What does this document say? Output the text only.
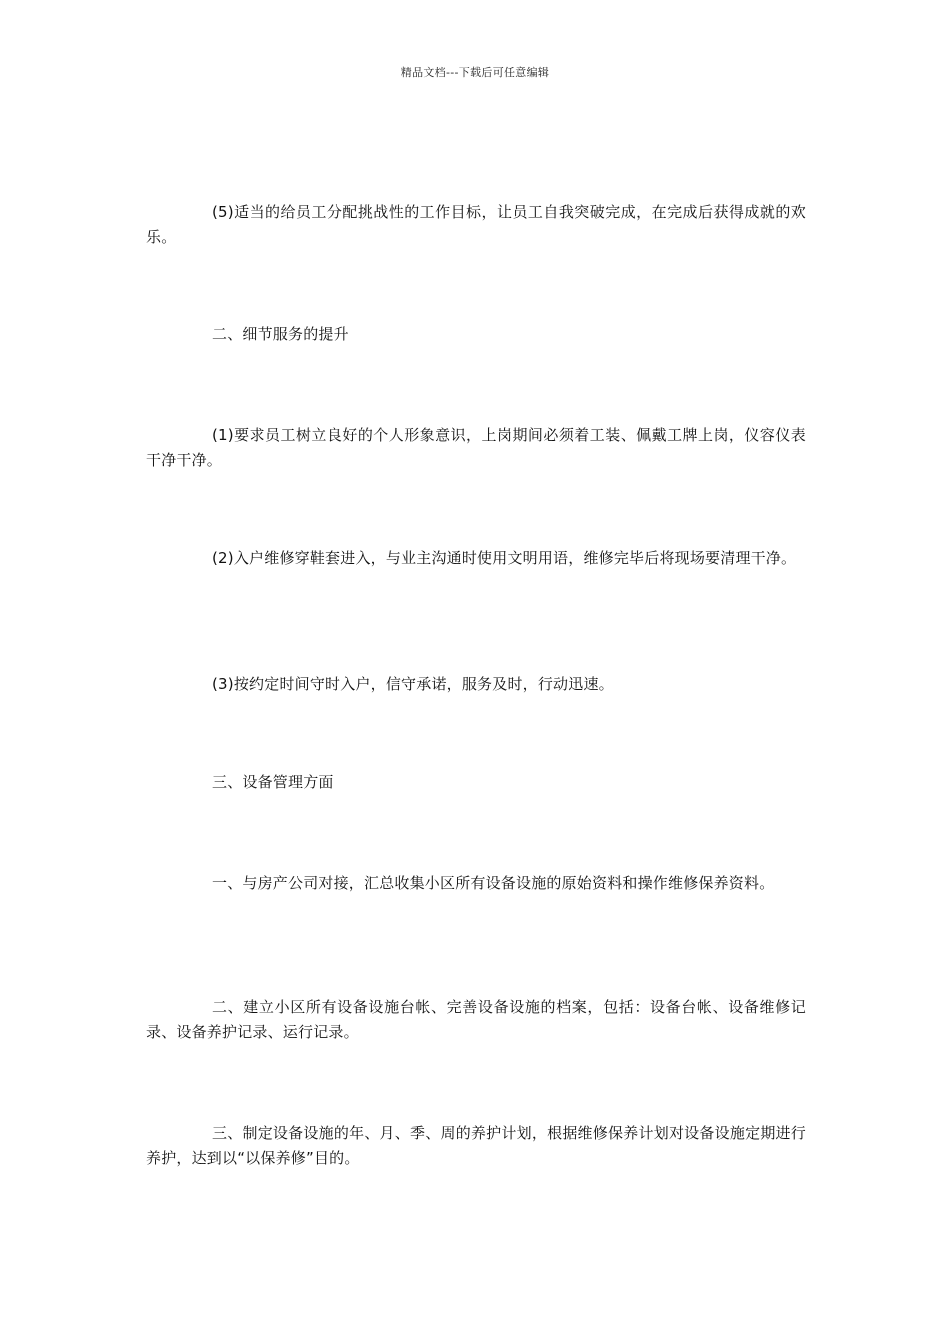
精品文档---下载后可任意编辑

(5)适当的给员工分配挑战性的工作目标，让员工自我突破完成，在完成后获得成就的欢乐。

二、细节服务的提升

(1)要求员工树立良好的个人形象意识，上岗期间必须着工装、佩戴工牌上岗，仪容仪表干净干净。

(2)入户维修穿鞋套进入，与业主沟通时使用文明用语，维修完毕后将现场要清理干净。

(3)按约定时间守时入户，信守承诺，服务及时，行动迅速。

三、设备管理方面

一、与房产公司对接，汇总收集小区所有设备设施的原始资料和操作维修保养资料。

二、建立小区所有设备设施台帐、完善设备设施的档案，包括：设备台帐、设备维修记录、设备养护记录、运行记录。

三、制定设备设施的年、月、季、周的养护计划，根据维修保养计划对设备设施定期进行养护，达到以“以保养修”目的。
